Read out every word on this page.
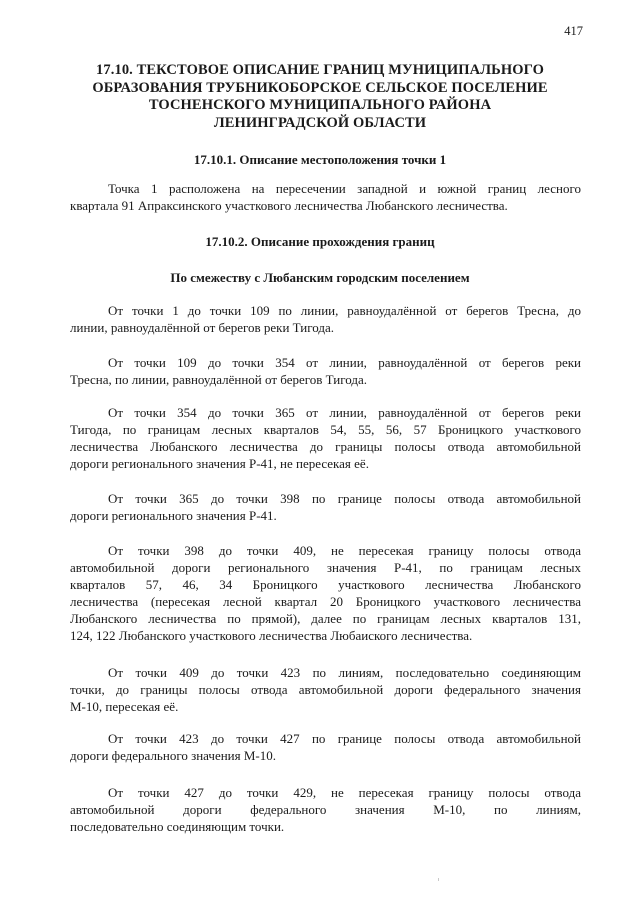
417
17.10. ТЕКСТОВОЕ ОПИСАНИЕ ГРАНИЦ МУНИЦИПАЛЬНОГО
ОБРАЗОВАНИЯ ТРУБНИКОБОРСКОЕ СЕЛЬСКОЕ ПОСЕЛЕНИЕ
ТОСНЕНСКОГО МУНИЦИПАЛЬНОГО РАЙОНА
ЛЕНИНГРАДСКОЙ ОБЛАСТИ
17.10.1. Описание местоположения точки 1
Точка 1 расположена на пересечении западной и южной границ лесного
квартала 91 Апраксинского участкового лесничества Любанского лесничества.
17.10.2. Описание прохождения границ
По смежеству с Любанским городским поселением
От точки 1 до точки 109 по линии, равноудалённой от берегов Тресна, до
линии, равноудалённой от берегов реки Тигода.
От точки 109 до точки 354 от линии, равноудалённой от берегов реки
Тресна, по линии, равноудалённой от берегов Тигода.
От точки 354 до точки 365 от линии, равноудалённой от берегов реки
Тигода, по границам лесных кварталов 54, 55, 56, 57 Броницкого участкового
лесничества Любанского лесничества до границы полосы отвода автомобильной
дороги регионального значения Р-41, не пересекая её.
От точки 365 до точки 398 по границе полосы отвода автомобильной
дороги регионального значения Р-41.
От точки 398 до точки 409, не пересекая границу полосы отвода
автомобильной дороги регионального значения Р-41, по границам лесных
кварталов 57, 46, 34 Броницкого участкового лесничества Любанского
лесничества (пересекая лесной квартал 20 Броницкого участкового лесничества
Любанского лесничества по прямой), далее по границам лесных кварталов 131,
124, 122 Любанского участкового лесничества Любаиского лесничества.
От точки 409 до точки 423 по линиям, последовательно соединяющим
точки, до границы полосы отвода автомобильной дороги федерального значения
М-10, пересекая её.
От точки 423 до точки 427 по границе полосы отвода автомобильной
дороги федерального значения М-10.
От точки 427 до точки 429, не пересекая границу полосы отвода
автомобильной дороги федерального значения М-10, по линиям,
последовательно соединяющим точки.
